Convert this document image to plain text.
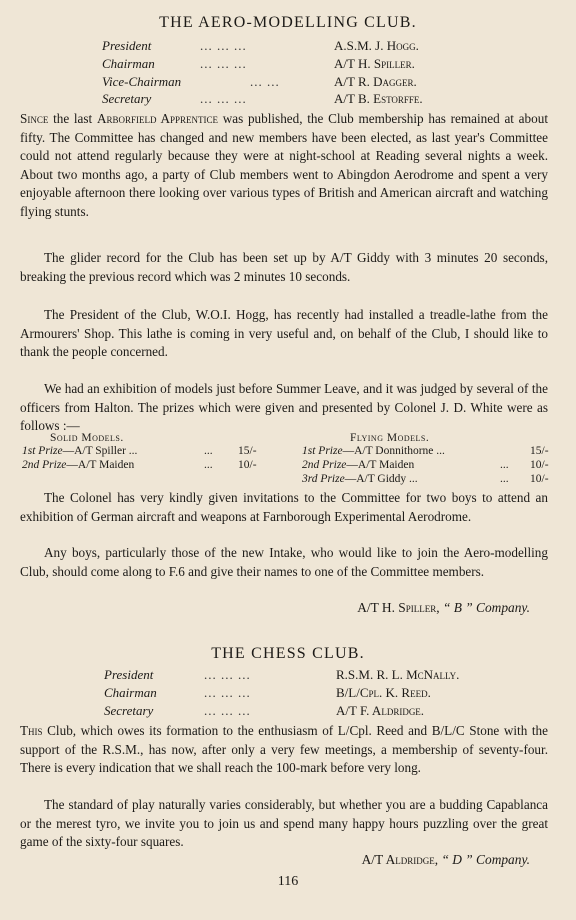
THE AERO-MODELLING CLUB.
President	... ... ...	A.S.M. J. Hogg.
Chairman	... ... ...	A/T H. Spiller.
Vice-Chairman	... ...	A/T R. Dagger.
Secretary	... ... ...	A/T B. Estorffe.
Since the last Arborfield Apprentice was published, the Club membership has remained at about fifty. The Committee has changed and new members have been elected, as last year's Committee could not attend regularly because they were at night-school at Reading several nights a week. About two months ago, a party of Club members went to Abingdon Aerodrome and spent a very enjoyable afternoon there looking over various types of British and American aircraft and watching flying stunts.
The glider record for the Club has been set up by A/T Giddy with 3 minutes 20 seconds, breaking the previous record which was 2 minutes 10 seconds.
The President of the Club, W.O.I. Hogg, has recently had installed a treadle-lathe from the Armourers' Shop. This lathe is coming in very useful and, on behalf of the Club, I should like to thank the people concerned.
We had an exhibition of models just before Summer Leave, and it was judged by several of the officers from Halton. The prizes which were given and presented by Colonel J. D. White were as follows :—
Solid Models.	Flying Models.
1st Prize—A/T Spiller ...	... 15/-
2nd Prize—A/T Maiden	... 10/-
1st Prize—A/T Donnithorne ...	15/-
2nd Prize—A/T Maiden	... 10/-
3rd Prize—A/T Giddy ...	... 10/-
The Colonel has very kindly given invitations to the Committee for two boys to attend an exhibition of German aircraft and weapons at Farnborough Experimental Aerodrome.
Any boys, particularly those of the new Intake, who would like to join the Aero-modelling Club, should come along to F.6 and give their names to one of the Committee members.
A/T H. Spiller, “ B ” Company.
THE CHESS CLUB.
President	... ... ...	R.S.M. R. L. McNally.
Chairman	... ... ...	B/L/Cpl. K. Reed.
Secretary	... ... ...	A/T F. Aldridge.
This Club, which owes its formation to the enthusiasm of L/Cpl. Reed and B/L/C Stone with the support of the R.S.M., has now, after only a very few meetings, a membership of seventy-four. There is every indication that we shall reach the 100-mark before very long.
The standard of play naturally varies considerably, but whether you are a budding Capablanca or the merest tyro, we invite you to join us and spend many happy hours puzzling over the great game of the sixty-four squares.
A/T Aldridge, “ D ” Company.
116
